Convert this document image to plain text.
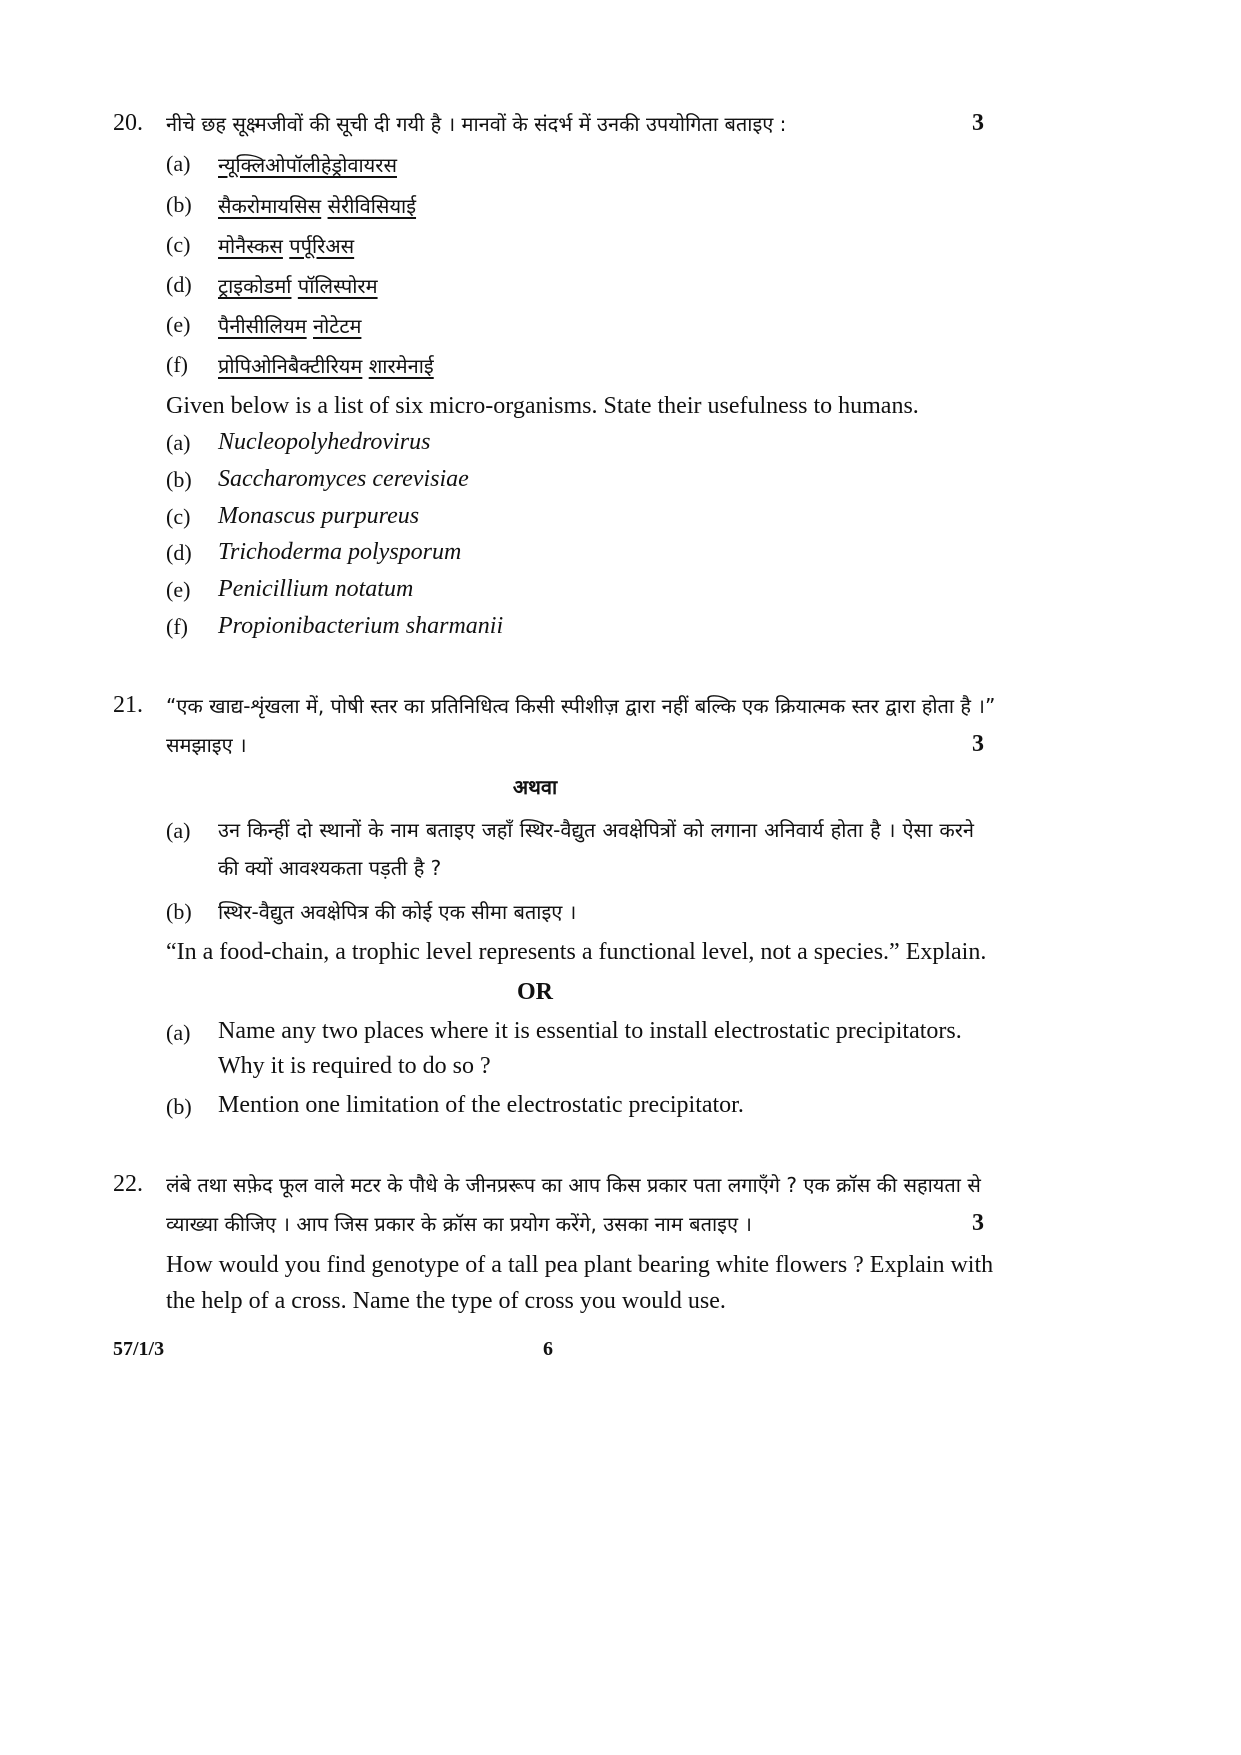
20. नीचे छह सूक्ष्मजीवों की सूची दी गयी है । मानवों के संदर्भ में उनकी उपयोगिता बताइए :	3
(a) न्यूक्लिओपॉलीहेड्रोवायरस
(b) सैकरोमायसिस सेरीविसियाई
(c) मोनैस्कस पर्पूरिअस
(d) ट्राइकोडर्मा पॉलिस्पोरम
(e) पैनीसीलियम नोटेटम
(f) प्रोपिओनिबैक्टीरियम शारमेनाई
Given below is a list of six micro-organisms. State their usefulness to humans.
(a) Nucleopolyhedrovirus
(b) Saccharomyces cerevisiae
(c) Monascus purpureus
(d) Trichoderma polysporum
(e) Penicillium notatum
(f) Propionibacterium sharmanii
21. “एक खाद्य-शृंखला में, पोषी स्तर का प्रतिनिधित्व किसी स्पीशीज़ द्वारा नहीं बल्कि एक क्रियात्मक स्तर द्वारा होता है ।”
समझाइए ।	3
अथवा
(a) उन किन्हीं दो स्थानों के नाम बताइए जहाँ स्थिर-वैद्युत अवक्षेपित्रों को लगाना अनिवार्य होता है । ऐसा करने
की क्यों आवश्यकता पड़ती है ?
(b) स्थिर-वैद्युत अवक्षेपित्र की कोई एक सीमा बताइए ।
“In a food-chain, a trophic level represents a functional level, not a species.” Explain.
OR
(a) Name any two places where it is essential to install electrostatic precipitators.
Why it is required to do so ?
(b) Mention one limitation of the electrostatic precipitator.
22. लंबे तथा सफ़ेद फूल वाले मटर के पौधे के जीनप्ररूप का आप किस प्रकार पता लगाएँगे ? एक क्रॉस की सहायता से
व्याख्या कीजिए । आप जिस प्रकार के क्रॉस का प्रयोग करेंगे, उसका नाम बताइए ।	3
How would you find genotype of a tall pea plant bearing white flowers ? Explain with
the help of a cross. Name the type of cross you would use.
57/1/3	6
